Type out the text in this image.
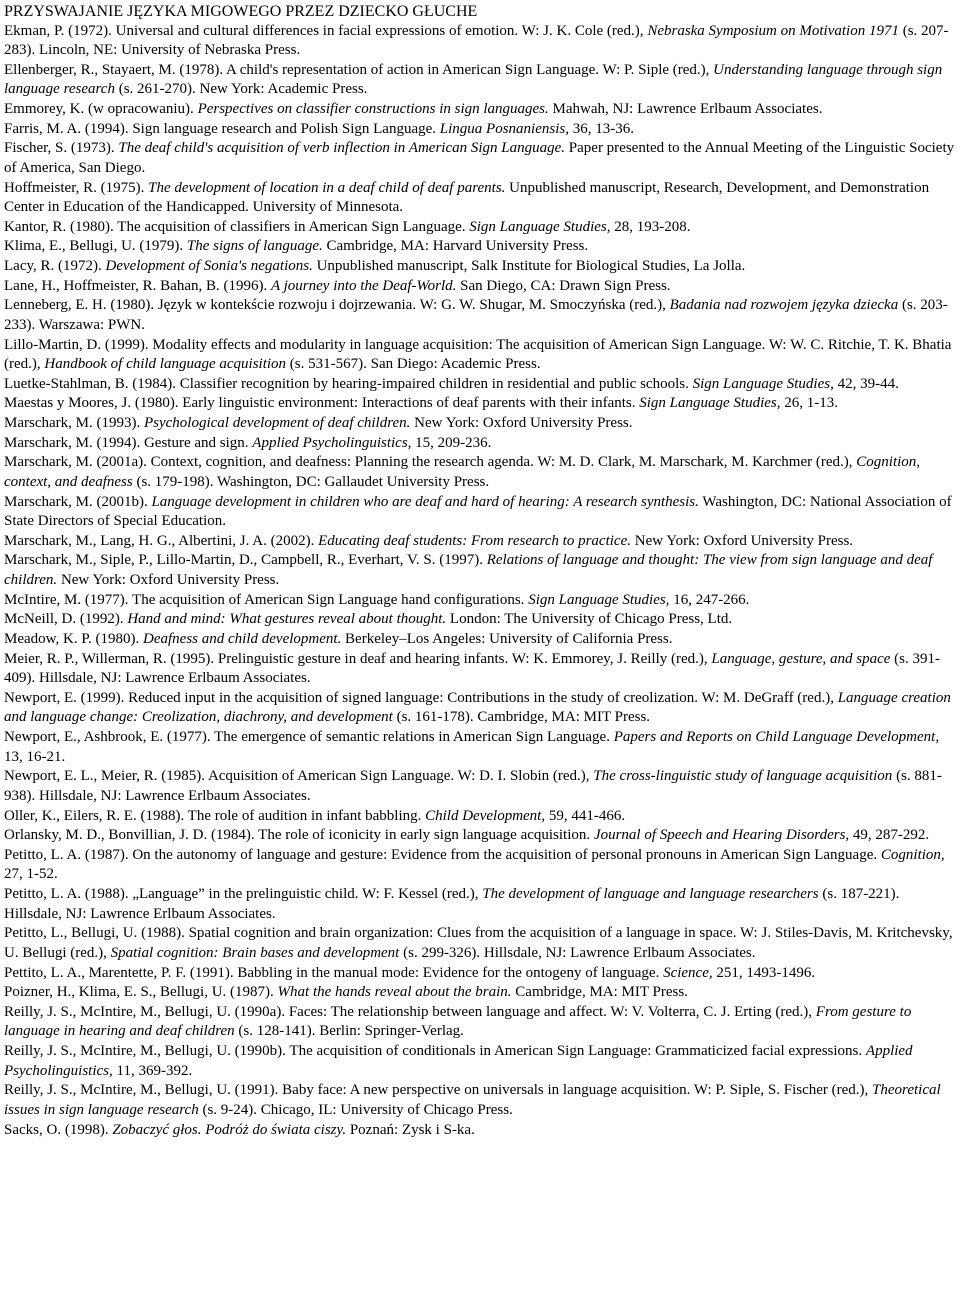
PRZYSWAJANIE JĘZYKA MIGOWEGO PRZEZ DZIECKO GŁUCHE

Ekman, P. (1972). Universal and cultural differences in facial expressions of emotion. W: J. K. Cole (red.), Nebraska Symposium on Motivation 1971 (s. 207-283). Lincoln, NE: University of Nebraska Press.

Ellenberger, R., Stayaert, M. (1978). A child's representation of action in American Sign Language. W: P. Siple (red.), Understanding language through sign language research (s. 261-270). New York: Academic Press.

Emmorey, K. (w opracowaniu). Perspectives on classifier constructions in sign languages. Mahwah, NJ: Lawrence Erlbaum Associates.

Farris, M. A. (1994). Sign language research and Polish Sign Language. Lingua Posnaniensis, 36, 13-36.

Fischer, S. (1973). The deaf child's acquisition of verb inflection in American Sign Language. Paper presented to the Annual Meeting of the Linguistic Society of America, San Diego.

Hoffmeister, R. (1975). The development of location in a deaf child of deaf parents. Unpublished manuscript, Research, Development, and Demonstration Center in Education of the Handicapped. University of Minnesota.

Kantor, R. (1980). The acquisition of classifiers in American Sign Language. Sign Language Studies, 28, 193-208.

Klima, E., Bellugi, U. (1979). The signs of language. Cambridge, MA: Harvard University Press.

Lacy, R. (1972). Development of Sonia's negations. Unpublished manuscript, Salk Institute for Biological Studies, La Jolla.

Lane, H., Hoffmeister, R. Bahan, B. (1996). A journey into the Deaf-World. San Diego, CA: Drawn Sign Press.

Lenneberg, E. H. (1980). Język w kontekście rozwoju i dojrzewania. W: G. W. Shugar, M. Smoczyńska (red.), Badania nad rozwojem języka dziecka (s. 203-233). Warszawa: PWN.

Lillo-Martin, D. (1999). Modality effects and modularity in language acquisition: The acquisition of American Sign Language. W: W. C. Ritchie, T. K. Bhatia (red.), Handbook of child language acquisition (s. 531-567). San Diego: Academic Press.

Luetke-Stahlman, B. (1984). Classifier recognition by hearing-impaired children in residential and public schools. Sign Language Studies, 42, 39-44.

Maestas y Moores, J. (1980). Early linguistic environment: Interactions of deaf parents with their infants. Sign Language Studies, 26, 1-13.

Marschark, M. (1993). Psychological development of deaf children. New York: Oxford University Press.

Marschark, M. (1994). Gesture and sign. Applied Psycholinguistics, 15, 209-236.

Marschark, M. (2001a). Context, cognition, and deafness: Planning the research agenda. W: M. D. Clark, M. Marschark, M. Karchmer (red.), Cognition, context, and deafness (s. 179-198). Washington, DC: Gallaudet University Press.

Marschark, M. (2001b). Language development in children who are deaf and hard of hearing: A research synthesis. Washington, DC: National Association of State Directors of Special Education.

Marschark, M., Lang, H. G., Albertini, J. A. (2002). Educating deaf students: From research to practice. New York: Oxford University Press.

Marschark, M., Siple, P., Lillo-Martin, D., Campbell, R., Everhart, V. S. (1997). Relations of language and thought: The view from sign language and deaf children. New York: Oxford University Press.

McIntire, M. (1977). The acquisition of American Sign Language hand configurations. Sign Language Studies, 16, 247-266.

McNeill, D. (1992). Hand and mind: What gestures reveal about thought. London: The University of Chicago Press, Ltd.

Meadow, K. P. (1980). Deafness and child development. Berkeley–Los Angeles: University of California Press.

Meier, R. P., Willerman, R. (1995). Prelinguistic gesture in deaf and hearing infants. W: K. Emmorey, J. Reilly (red.), Language, gesture, and space (s. 391-409). Hillsdale, NJ: Lawrence Erlbaum Associates.

Newport, E. (1999). Reduced input in the acquisition of signed language: Contributions in the study of creolization. W: M. DeGraff (red.), Language creation and language change: Creolization, diachrony, and development (s. 161-178). Cambridge, MA: MIT Press.

Newport, E., Ashbrook, E. (1977). The emergence of semantic relations in American Sign Language. Papers and Reports on Child Language Development, 13, 16-21.

Newport, E. L., Meier, R. (1985). Acquisition of American Sign Language. W: D. I. Slobin (red.), The cross-linguistic study of language acquisition (s. 881-938). Hillsdale, NJ: Lawrence Erlbaum Associates.

Oller, K., Eilers, R. E. (1988). The role of audition in infant babbling. Child Development, 59, 441-466.

Orlansky, M. D., Bonvillian, J. D. (1984). The role of iconicity in early sign language acquisition. Journal of Speech and Hearing Disorders, 49, 287-292.

Petitto, L. A. (1987). On the autonomy of language and gesture: Evidence from the acquisition of personal pronouns in American Sign Language. Cognition, 27, 1-52.

Petitto, L. A. (1988). „Language” in the prelinguistic child. W: F. Kessel (red.), The development of language and language researchers (s. 187-221). Hillsdale, NJ: Lawrence Erlbaum Associates.

Petitto, L., Bellugi, U. (1988). Spatial cognition and brain organization: Clues from the acquisition of a language in space. W: J. Stiles-Davis, M. Kritchevsky, U. Bellugi (red.), Spatial cognition: Brain bases and development (s. 299-326). Hillsdale, NJ: Lawrence Erlbaum Associates.

Pettito, L. A., Marentette, P. F. (1991). Babbling in the manual mode: Evidence for the ontogeny of language. Science, 251, 1493-1496.

Poizner, H., Klima, E. S., Bellugi, U. (1987). What the hands reveal about the brain. Cambridge, MA: MIT Press.

Reilly, J. S., McIntire, M., Bellugi, U. (1990a). Faces: The relationship between language and affect. W: V. Volterra, C. J. Erting (red.), From gesture to language in hearing and deaf children (s. 128-141). Berlin: Springer-Verlag.

Reilly, J. S., McIntire, M., Bellugi, U. (1990b). The acquisition of conditionals in American Sign Language: Grammaticized facial expressions. Applied Psycholinguistics, 11, 369-392.

Reilly, J. S., McIntire, M., Bellugi, U. (1991). Baby face: A new perspective on universals in language acquisition. W: P. Siple, S. Fischer (red.), Theoretical issues in sign language research (s. 9-24). Chicago, IL: University of Chicago Press.

Sacks, O. (1998). Zobaczyć głos. Podróż do świata ciszy. Poznań: Zysk i S-ka.
